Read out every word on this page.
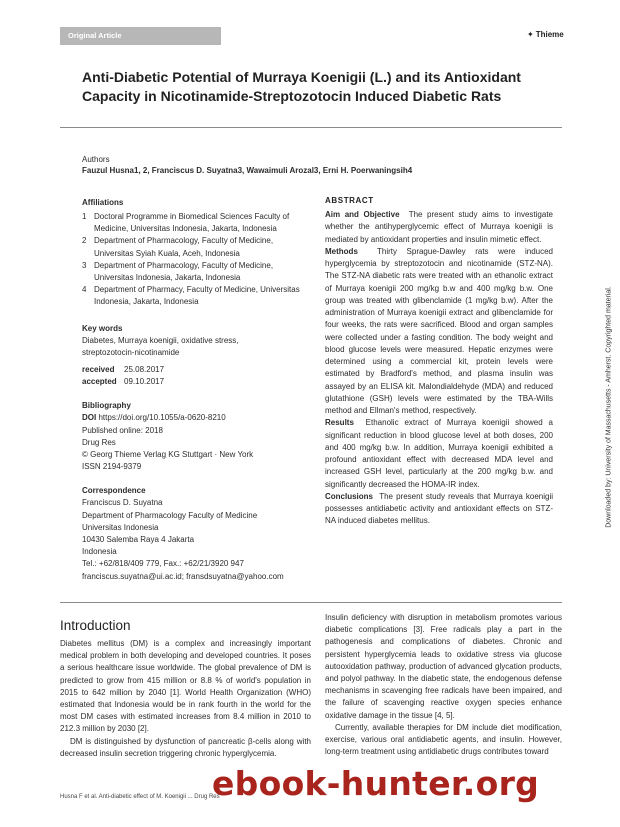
Original Article	✦ Thieme
Anti-Diabetic Potential of Murraya Koenigii (L.) and its Antioxidant Capacity in Nicotinamide-Streptozotocin Induced Diabetic Rats
Authors
Fauzul Husna1, 2, Franciscus D. Suyatna3, Wawaimuli Arozal3, Erni H. Poerwaningsih4
Affiliations
1 Doctoral Programme in Biomedical Sciences Faculty of Medicine, Universitas Indonesia, Jakarta, Indonesia
2 Department of Pharmacology, Faculty of Medicine, Universitas Syiah Kuala, Aceh, Indonesia
3 Department of Pharmacology, Faculty of Medicine, Universitas Indonesia, Jakarta, Indonesia
4 Department of Pharmacy, Faculty of Medicine, Universitas Indonesia, Jakarta, Indonesia
Key words
Diabetes, Murraya koenigii, oxidative stress, streptozotocin-nicotinamide
received 25.08.2017
accepted 09.10.2017
Bibliography
DOI https://doi.org/10.1055/a-0620-8210
Published online: 2018
Drug Res
© Georg Thieme Verlag KG Stuttgart · New York
ISSN 2194-9379
Correspondence
Franciscus D. Suyatna
Department of Pharmacology Faculty of Medicine
Universitas Indonesia
10430 Salemba Raya 4 Jakarta
Indonesia
Tel.: +62/818/409 779, Fax.: +62/21/3920 947
franciscus.suyatna@ui.ac.id; fransdsuyatna@yahoo.com
ABSTRACT

Aim and Objective The present study aims to investigate whether the antihyperglycemic effect of Murraya koenigii is mediated by antioxidant properties and insulin mimetic effect.

Methods Thirty Sprague-Dawley rats were induced hyperglycemia by streptozotocin and nicotinamide (STZ-NA). The STZ-NA diabetic rats were treated with an ethanolic extract of Murraya koenigii 200 mg/kg b.w and 400 mg/kg b.w. One group was treated with glibenclamide (1 mg/kg b.w). After the administration of Murraya koenigii extract and glibenclamide for four weeks, the rats were sacrificed. Blood and organ samples were collected under a fasting condition. The body weight and blood glucose levels were measured. Hepatic enzymes were determined using a commercial kit, protein levels were estimated by Bradford's method, and plasma insulin was assayed by an ELISA kit. Malondialdehyde (MDA) and reduced glutathione (GSH) levels were estimated by the TBA-Wills method and Ellman's method, respectively.

Results Ethanolic extract of Murraya koenigii showed a significant reduction in blood glucose level at both doses, 200 and 400 mg/kg b.w. In addition, Murraya koenigii exhibited a profound antioxidant effect with decreased MDA level and increased GSH level, particularly at the 200 mg/kg b.w. and significantly decreased the HOMA-IR index.

Conclusions The present study reveals that Murraya koenigii possesses antidiabetic activity and antioxidant effects on STZ-NA induced diabetes mellitus.

Introduction

Diabetes mellitus (DM) is a complex and increasingly important medical problem in both developing and developed countries. It poses a serious healthcare issue worldwide. The global prevalence of DM is predicted to grow from 415 million or 8.8 % of world's population in 2015 to 642 million by 2040 [1]. World Health Organization (WHO) estimated that Indonesia would be in rank fourth in the world for the most DM cases with estimated increases from 8.4 million in 2010 to 212.3 million by 2030 [2].

DM is distinguished by dysfunction of pancreatic β-cells along with decreased insulin secretion triggering chronic hyperglycemia.

Insulin deficiency with disruption in metabolism promotes various diabetic complications [3]. Free radicals play a part in the pathogenesis and complications of diabetes. Chronic and persistent hyperglycemia leads to oxidative stress via glucose autooxidation pathway, production of advanced glycation products, and polyol pathway. In the diabetic state, the endogenous defense mechanisms in scavenging free radicals have been impaired, and the failure of scavenging reactive oxygen species enhance oxidative damage in the tissue [4, 5].

Currently, available therapies for DM include diet modification, exercise, various oral antidiabetic agents, and insulin. However, long-term treatment using antidiabetic drugs contributes toward

Downloaded by: University of Massachusetts - Amherst. Copyrighted material.
Husna F et al. Anti-diabetic effect of M. Koenigii ... Drug Res
ebook-hunter.org
